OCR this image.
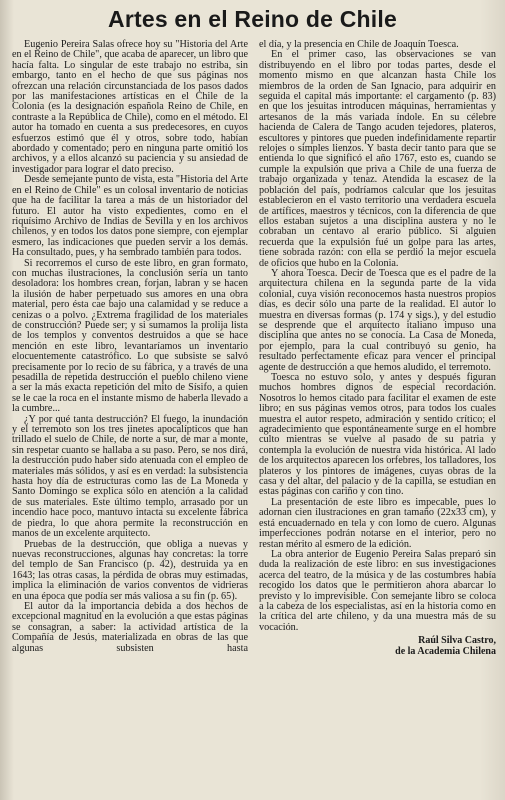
Artes en el Reino de Chile

Eugenio Pereira Salas ofrece hoy su "Historia del Arte en el Reino de Chile", que acaba de aparecer, un libro que hacía falta. Lo singular de este trabajo no estriba, sin embargo, tanto en el hecho de que sus páginas nos ofrezcan una relación circunstanciada de los pasos dados por las manifestaciones artísticas en el Chile de la Colonia (es la designación española Reino de Chile, en contraste a la República de Chile), como en el método. El autor ha tomado en cuenta a sus predecesores, en cuyos esfuerzos estimó que él y otros, sobre todo, habían abordado y comentado; pero en ninguna parte omitió los archivos, y a ellos alcanzó su paciencia y su ansiedad de investigador para lograr el dato preciso.

Desde semejante punto de vista, esta "Historia del Arte en el Reino de Chile" es un colosal inventario de noticias que ha de facilitar la tarea a más de un historiador del futuro. El autor ha visto expedientes, como en el riquísimo Archivo de Indias de Sevilla y en los archivos chilenos, y en todos los datos pone siempre, con ejemplar esmero, las indicaciones que pueden servir a los demás. Ha consultado, pues, y ha sembrado también para todos.

Si recorremos el curso de este libro, en gran formato, con muchas ilustraciones, la conclusión sería un tanto desoladora: los hombres crean, forjan, labran y se hacen la ilusión de haber perpetuado sus amores en una obra material, pero ésta cae bajo una calamidad y se reduce a cenizas o a polvo. ¿Extrema fragilidad de los materiales de construcción? Puede ser; y si sumamos la prolija lista de los templos y conventos destruidos a que se hace mención en este libro, levantaríamos un inventario elocuentemente catastrófico. Lo que subsiste se salvó precisamente por lo recio de su fábrica, y a través de una pesadilla de repetida destrucción el pueblo chileno viene a ser la más exacta repetición del mito de Sísifo, a quien se le cae la roca en el instante mismo de haberla llevado a la cumbre...

¿Y por qué tanta destrucción? El fuego, la inundación y el terremoto son los tres jinetes apocalípticos que han trillado el suelo de Chile, de norte a sur, de mar a monte, sin respetar cuanto se hallaba a su paso. Pero, se nos dirá, la destrucción pudo haber sido atenuada con el empleo de materiales más sólidos, y así es en verdad: la subsistencia hasta hoy día de estructuras como las de La Moneda y Santo Domingo se explica sólo en atención a la calidad de sus materiales. Este último templo, arrasado por un incendio hace poco, mantuvo intacta su excelente fábrica de piedra, lo que ahora permite la reconstrucción en manos de un excelente arquitecto.

Pruebas de la destrucción, que obliga a nuevas y nuevas reconstrucciones, algunas hay concretas: la torre del templo de San Francisco (p. 42), destruida ya en 1643; las otras casas, la pérdida de obras muy estimadas, implica la eliminación de varios conventos de vidrieras en una época que podía ser más valiosa a su fin (p. 65).

El autor da la importancia debida a dos hechos de excepcional magnitud en la evolución a que estas páginas se consagran, a saber: la actividad artística de la Compañía de Jesús, materializada en obras de las que algunas subsisten hasta

el día, y la presencia en Chile de Joaquín Toesca.

En el primer caso, las observaciones se van distribuyendo en el libro por todas partes, desde el momento mismo en que alcanzan hasta Chile los miembros de la orden de San Ignacio, para adquirir en seguida el capital más importante: el cargamento (p. 83) en que los jesuitas introducen máquinas, herramientas y artesanos de la más variada índole. En su célebre hacienda de Calera de Tango acuden tejedores, plateros, escultores y pintores que pueden indefinidamente repartir relojes o simples lienzos. Y basta decir tanto para que se entienda lo que significó el año 1767, esto es, cuando se cumple la expulsión que priva a Chile de una fuerza de trabajo organizada y tenaz. Atendida la escasez de la población del país, podríamos calcular que los jesuitas establecieron en el vasto territorio una verdadera escuela de artífices, maestros y técnicos, con la diferencia de que ellos estaban sujetos a una disciplina austera y no le cobraban un centavo al erario público. Si alguien recuerda que la expulsión fué un golpe para las artes, tiene sobrada razón: con ella se perdió la mejor escuela de oficios que hubo en la Colonia.

Y ahora Toesca. Decir de Toesca que es el padre de la arquitectura chilena en la segunda parte de la vida colonial, cuya visión reconocemos hasta nuestros propios días, es decir sólo una parte de la realidad. El autor lo muestra en diversas formas (p. 174 y sigs.), y del estudio se desprende que el arquitecto italiano impuso una disciplina que antes no se conocía. La Casa de Moneda, por ejemplo, para la cual contribuyó su genio, ha resultado perfectamente eficaz para vencer el principal agente de destrucción a que hemos aludido, el terremoto.

Toesca no estuvo solo, y antes y después figuran muchos hombres dignos de especial recordación. Nosotros lo hemos citado para facilitar el examen de este libro; en sus páginas vemos otros, para todos los cuales muestra el autor respeto, admiración y sentido crítico; el agradecimiento que espontáneamente surge en el hombre culto mientras se vuelve al pasado de su patria y contempla la evolución de nuestra vida histórica. Al lado de los arquitectos aparecen los orfebres, los talladores, los plateros y los pintores de imágenes, cuyas obras de la casa y del altar, del palacio y de la capilla, se estudian en estas páginas con cariño y con tino.

La presentación de este libro es impecable, pues lo adornan cien ilustraciones en gran tamaño (22x33 cm), y está encuadernado en tela y con lomo de cuero. Algunas imperfecciones podrán notarse en el interior, pero no restan mérito al esmero de la edición.

La obra anterior de Eugenio Pereira Salas preparó sin duda la realización de este libro: en sus investigaciones acerca del teatro, de la música y de las costumbres había recogido los datos que le permitieron ahora abarcar lo previsto y lo imprevisible. Con semejante libro se coloca a la cabeza de los especialistas, así en la historia como en la crítica del arte chileno, y da una muestra más de su vocación.

Raúl Silva Castro,
de la Academia Chilena
